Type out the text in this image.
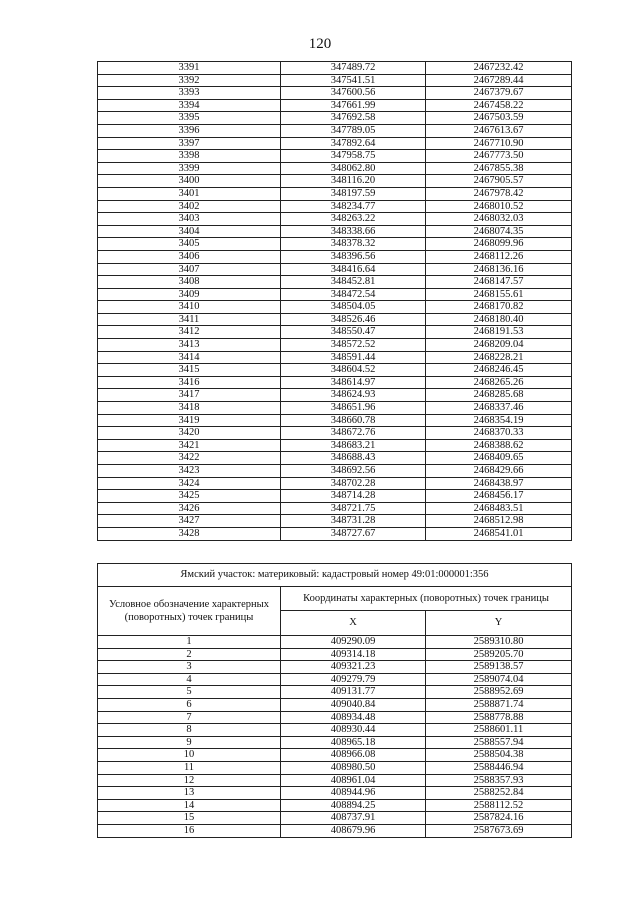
120
3391	347489.72	2467232.42
3392	347541.51	2467289.44
3393	347600.56	2467379.67
3394	347661.99	2467458.22
3395	347692.58	2467503.59
3396	347789.05	2467613.67
3397	347892.64	2467710.90
3398	347958.75	2467773.50
3399	348062.80	2467855.38
3400	348116.20	2467905.57
3401	348197.59	2467978.42
3402	348234.77	2468010.52
3403	348263.22	2468032.03
3404	348338.66	2468074.35
3405	348378.32	2468099.96
3406	348396.56	2468112.26
3407	348416.64	2468136.16
3408	348452.81	2468147.57
3409	348472.54	2468155.61
3410	348504.05	2468170.82
3411	348526.46	2468180.40
3412	348550.47	2468191.53
3413	348572.52	2468209.04
3414	348591.44	2468228.21
3415	348604.52	2468246.45
3416	348614.97	2468265.26
3417	348624.93	2468285.68
3418	348651.96	2468337.46
3419	348660.78	2468354.19
3420	348672.76	2468370.33
3421	348683.21	2468388.62
3422	348688.43	2468409.65
3423	348692.56	2468429.66
3424	348702.28	2468438.97
3425	348714.28	2468456.17
3426	348721.75	2468483.51
3427	348731.28	2468512.98
3428	348727.67	2468541.01
Ямский участок: материковый: кадастровый номер 49:01:000001:356		
Условное обозначение характерных (поворотных) точек границы	Координаты характерных (поворотных) точек границы	
	X	Y
1	409290.09	2589310.80
2	409314.18	2589205.70
3	409321.23	2589138.57
4	409279.79	2589074.04
5	409131.77	2588952.69
6	409040.84	2588871.74
7	408934.48	2588778.88
8	408930.44	2588601.11
9	408965.18	2588557.94
10	408966.08	2588504.38
11	408980.50	2588446.94
12	408961.04	2588357.93
13	408944.96	2588252.84
14	408894.25	2588112.52
15	408737.91	2587824.16
16	408679.96	2587673.69
